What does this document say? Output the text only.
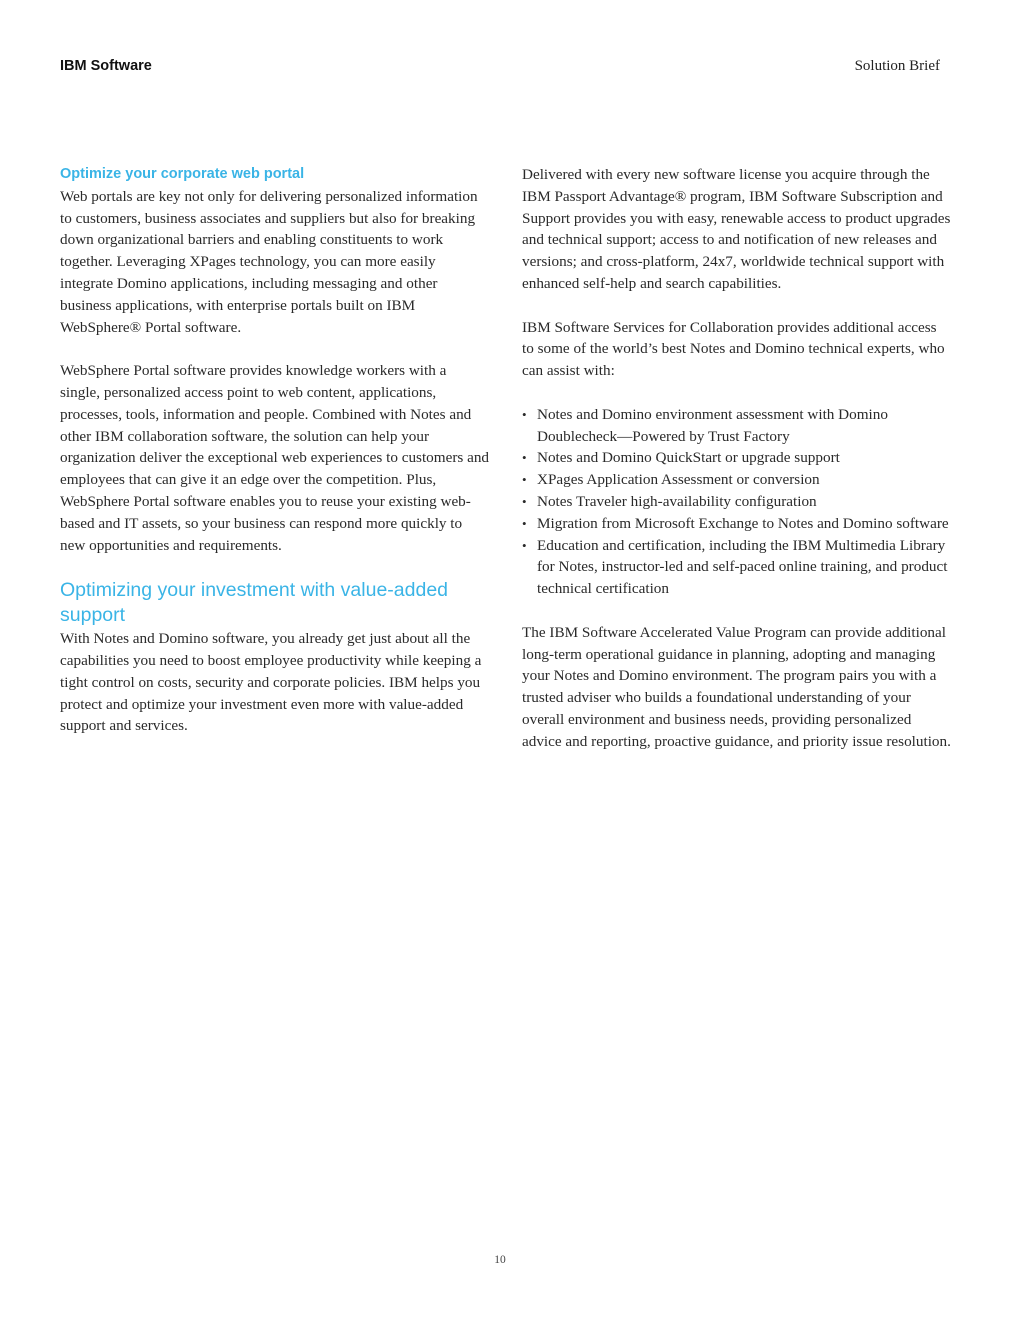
IBM Software	Solution Brief
Optimize your corporate web portal

Web portals are key not only for delivering personalized information to customers, business associates and suppliers but also for breaking down organizational barriers and enabling constituents to work together. Leveraging XPages technology, you can more easily integrate Domino applications, including messaging and other business applications, with enterprise portals built on IBM WebSphere® Portal software.

WebSphere Portal software provides knowledge workers with a single, personalized access point to web content, applications, processes, tools, information and people. Combined with Notes and other IBM collaboration software, the solution can help your organization deliver the exceptional web experiences to customers and employees that can give it an edge over the competition. Plus, WebSphere Portal software enables you to reuse your existing web-based and IT assets, so your business can respond more quickly to new opportunities and requirements.

Optimizing your investment with value-added support

With Notes and Domino software, you already get just about all the capabilities you need to boost employee productivity while keeping a tight control on costs, security and corporate policies. IBM helps you protect and optimize your investment even more with value-added support and services.

Delivered with every new software license you acquire through the IBM Passport Advantage® program, IBM Software Subscription and Support provides you with easy, renewable access to product upgrades and technical support; access to and notification of new releases and versions; and cross-platform, 24x7, worldwide technical support with enhanced self-help and search capabilities.

IBM Software Services for Collaboration provides additional access to some of the world’s best Notes and Domino technical experts, who can assist with:

• Notes and Domino environment assessment with Domino Doublecheck—Powered by Trust Factory
• Notes and Domino QuickStart or upgrade support
• XPages Application Assessment or conversion
• Notes Traveler high-availability configuration
• Migration from Microsoft Exchange to Notes and Domino software
• Education and certification, including the IBM Multimedia Library for Notes, instructor-led and self-paced online training, and product technical certification

The IBM Software Accelerated Value Program can provide additional long-term operational guidance in planning, adopting and managing your Notes and Domino environment. The program pairs you with a trusted adviser who builds a foundational understanding of your overall environment and business needs, providing personalized advice and reporting, proactive guidance, and priority issue resolution.

10
